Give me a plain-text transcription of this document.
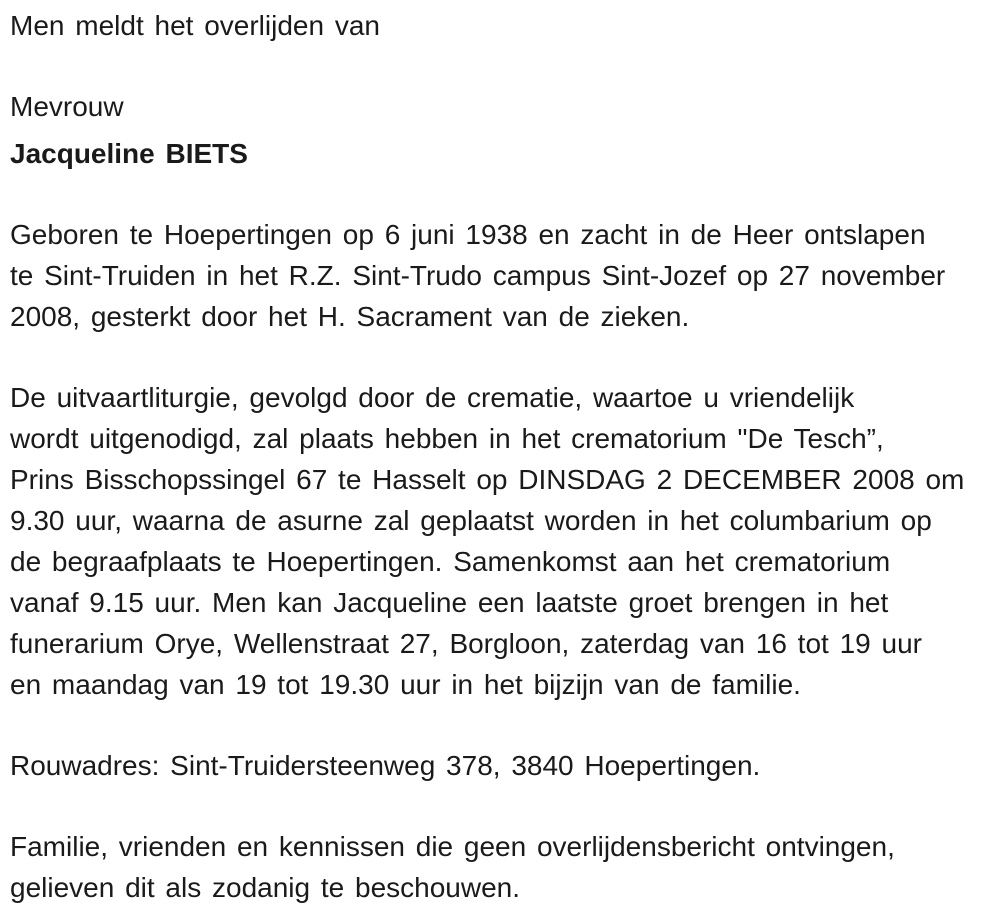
Men meldt het overlijden van
Mevrouw
Jacqueline BIETS
Geboren te Hoepertingen op 6 juni 1938 en zacht in de Heer ontslapen
te Sint-Truiden in het R.Z. Sint-Trudo campus Sint-Jozef op 27 november
2008, gesterkt door het H. Sacrament van de zieken.
De uitvaartliturgie, gevolgd door de crematie, waartoe u vriendelijk
wordt uitgenodigd, zal plaats hebben in het crematorium "De Tesch”,
Prins Bisschopssingel 67 te Hasselt op DINSDAG 2 DECEMBER 2008 om
9.30 uur, waarna de asurne zal geplaatst worden in het columbarium op
de begraafplaats te Hoepertingen. Samenkomst aan het crematorium
vanaf 9.15 uur. Men kan Jacqueline een laatste groet brengen in het
funerarium Orye, Wellenstraat 27, Borgloon, zaterdag van 16 tot 19 uur
en maandag van 19 tot 19.30 uur in het bijzijn van de familie.
Rouwadres: Sint-Truidersteenweg 378, 3840 Hoepertingen.
Familie, vrienden en kennissen die geen overlijdensbericht ontvingen,
gelieven dit als zodanig te beschouwen.
